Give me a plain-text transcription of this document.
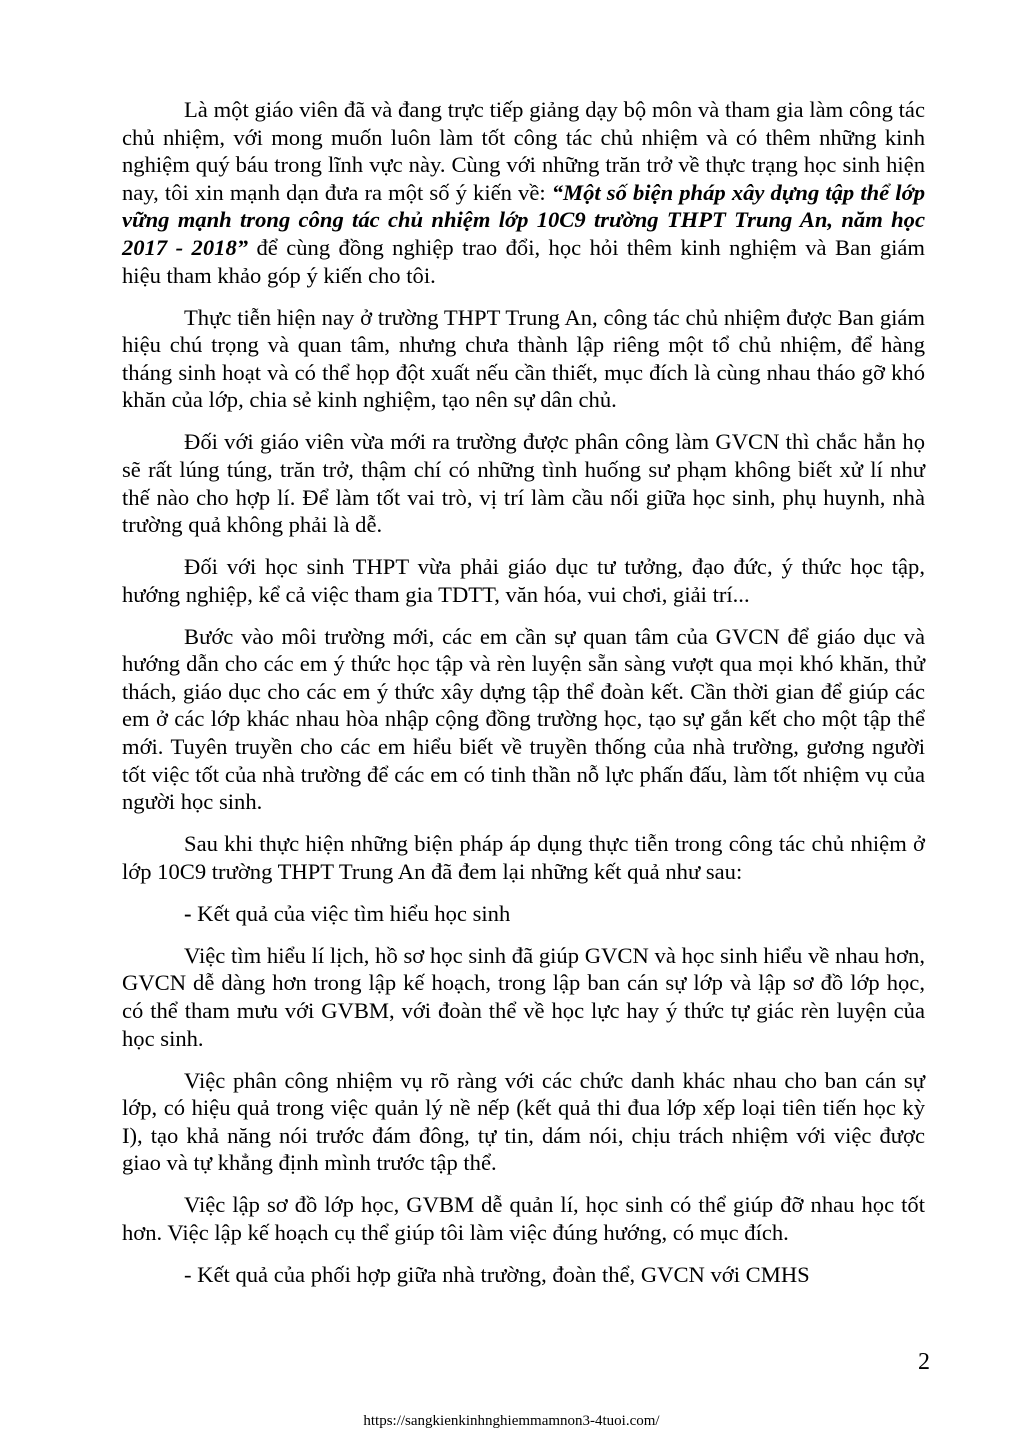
Là một giáo viên đã và đang trực tiếp giảng dạy bộ môn và tham gia làm công tác chủ nhiệm, với mong muốn luôn làm tốt công tác chủ nhiệm và có thêm những kinh nghiệm quý báu trong lĩnh vực này. Cùng với những trăn trở về thực trạng học sinh hiện nay, tôi xin mạnh dạn đưa ra một số ý kiến về: “Một số biện pháp xây dựng tập thể lớp vững mạnh trong công tác chủ nhiệm lớp 10C9 trường THPT Trung An, năm học 2017 - 2018” để cùng đồng nghiệp trao đổi, học hỏi thêm kinh nghiệm và Ban giám hiệu tham khảo góp ý kiến cho tôi.

Thực tiễn hiện nay ở trường THPT Trung An, công tác chủ nhiệm được Ban giám hiệu chú trọng và quan tâm, nhưng chưa thành lập riêng một tổ chủ nhiệm, để hàng tháng sinh hoạt và có thể họp đột xuất nếu cần thiết, mục đích là cùng nhau tháo gỡ khó khăn của lớp, chia sẻ kinh nghiệm, tạo nên sự dân chủ.

Đối với giáo viên vừa mới ra trường được phân công làm GVCN thì chắc hẳn họ sẽ rất lúng túng, trăn trở, thậm chí có những tình huống sư phạm không biết xử lí như thế nào cho hợp lí. Để làm tốt vai trò, vị trí làm cầu nối giữa học sinh, phụ huynh, nhà trường quả không phải là dễ.

Đối với học sinh THPT vừa phải giáo dục tư tưởng, đạo đức, ý thức học tập, hướng nghiệp, kể cả việc tham gia TDTT, văn hóa, vui chơi, giải trí...

Bước vào môi trường mới, các em cần sự quan tâm của GVCN để giáo dục và hướng dẫn cho các em ý thức học tập và rèn luyện sẵn sàng vượt qua mọi khó khăn, thử thách, giáo dục cho các em ý thức xây dựng tập thể đoàn kết. Cần thời gian để giúp các em ở các lớp khác nhau hòa nhập cộng đồng trường học, tạo sự gắn kết cho một tập thể mới. Tuyên truyền cho các em hiểu biết về truyền thống của nhà trường, gương người tốt việc tốt của nhà trường để các em có tinh thần nỗ lực phấn đấu, làm tốt nhiệm vụ của người học sinh.

Sau khi thực hiện những biện pháp áp dụng thực tiễn trong công tác chủ nhiệm ở lớp 10C9 trường THPT Trung An đã đem lại những kết quả như sau:

- Kết quả của việc tìm hiểu học sinh

Việc tìm hiểu lí lịch, hồ sơ học sinh đã giúp GVCN và học sinh hiểu về nhau hơn, GVCN dễ dàng hơn trong lập kế hoạch, trong lập ban cán sự lớp và lập sơ đồ lớp học, có thể tham mưu với GVBM, với đoàn thể về học lực hay ý thức tự giác rèn luyện của học sinh.

Việc phân công nhiệm vụ rõ ràng với các chức danh khác nhau cho ban cán sự lớp, có hiệu quả trong việc quản lý nề nếp (kết quả thi đua lớp xếp loại tiên tiến học kỳ I), tạo khả năng nói trước đám đông, tự tin, dám nói, chịu trách nhiệm với việc được giao và tự khẳng định mình trước tập thể.

Việc lập sơ đồ lớp học, GVBM dễ quản lí, học sinh có thể giúp đỡ nhau học tốt hơn. Việc lập kế hoạch cụ thể giúp tôi làm việc đúng hướng, có mục đích.

- Kết quả của phối hợp giữa nhà trường, đoàn thể, GVCN với CMHS

2
https://sangkienkinhnghiemmamnon3-4tuoi.com/
